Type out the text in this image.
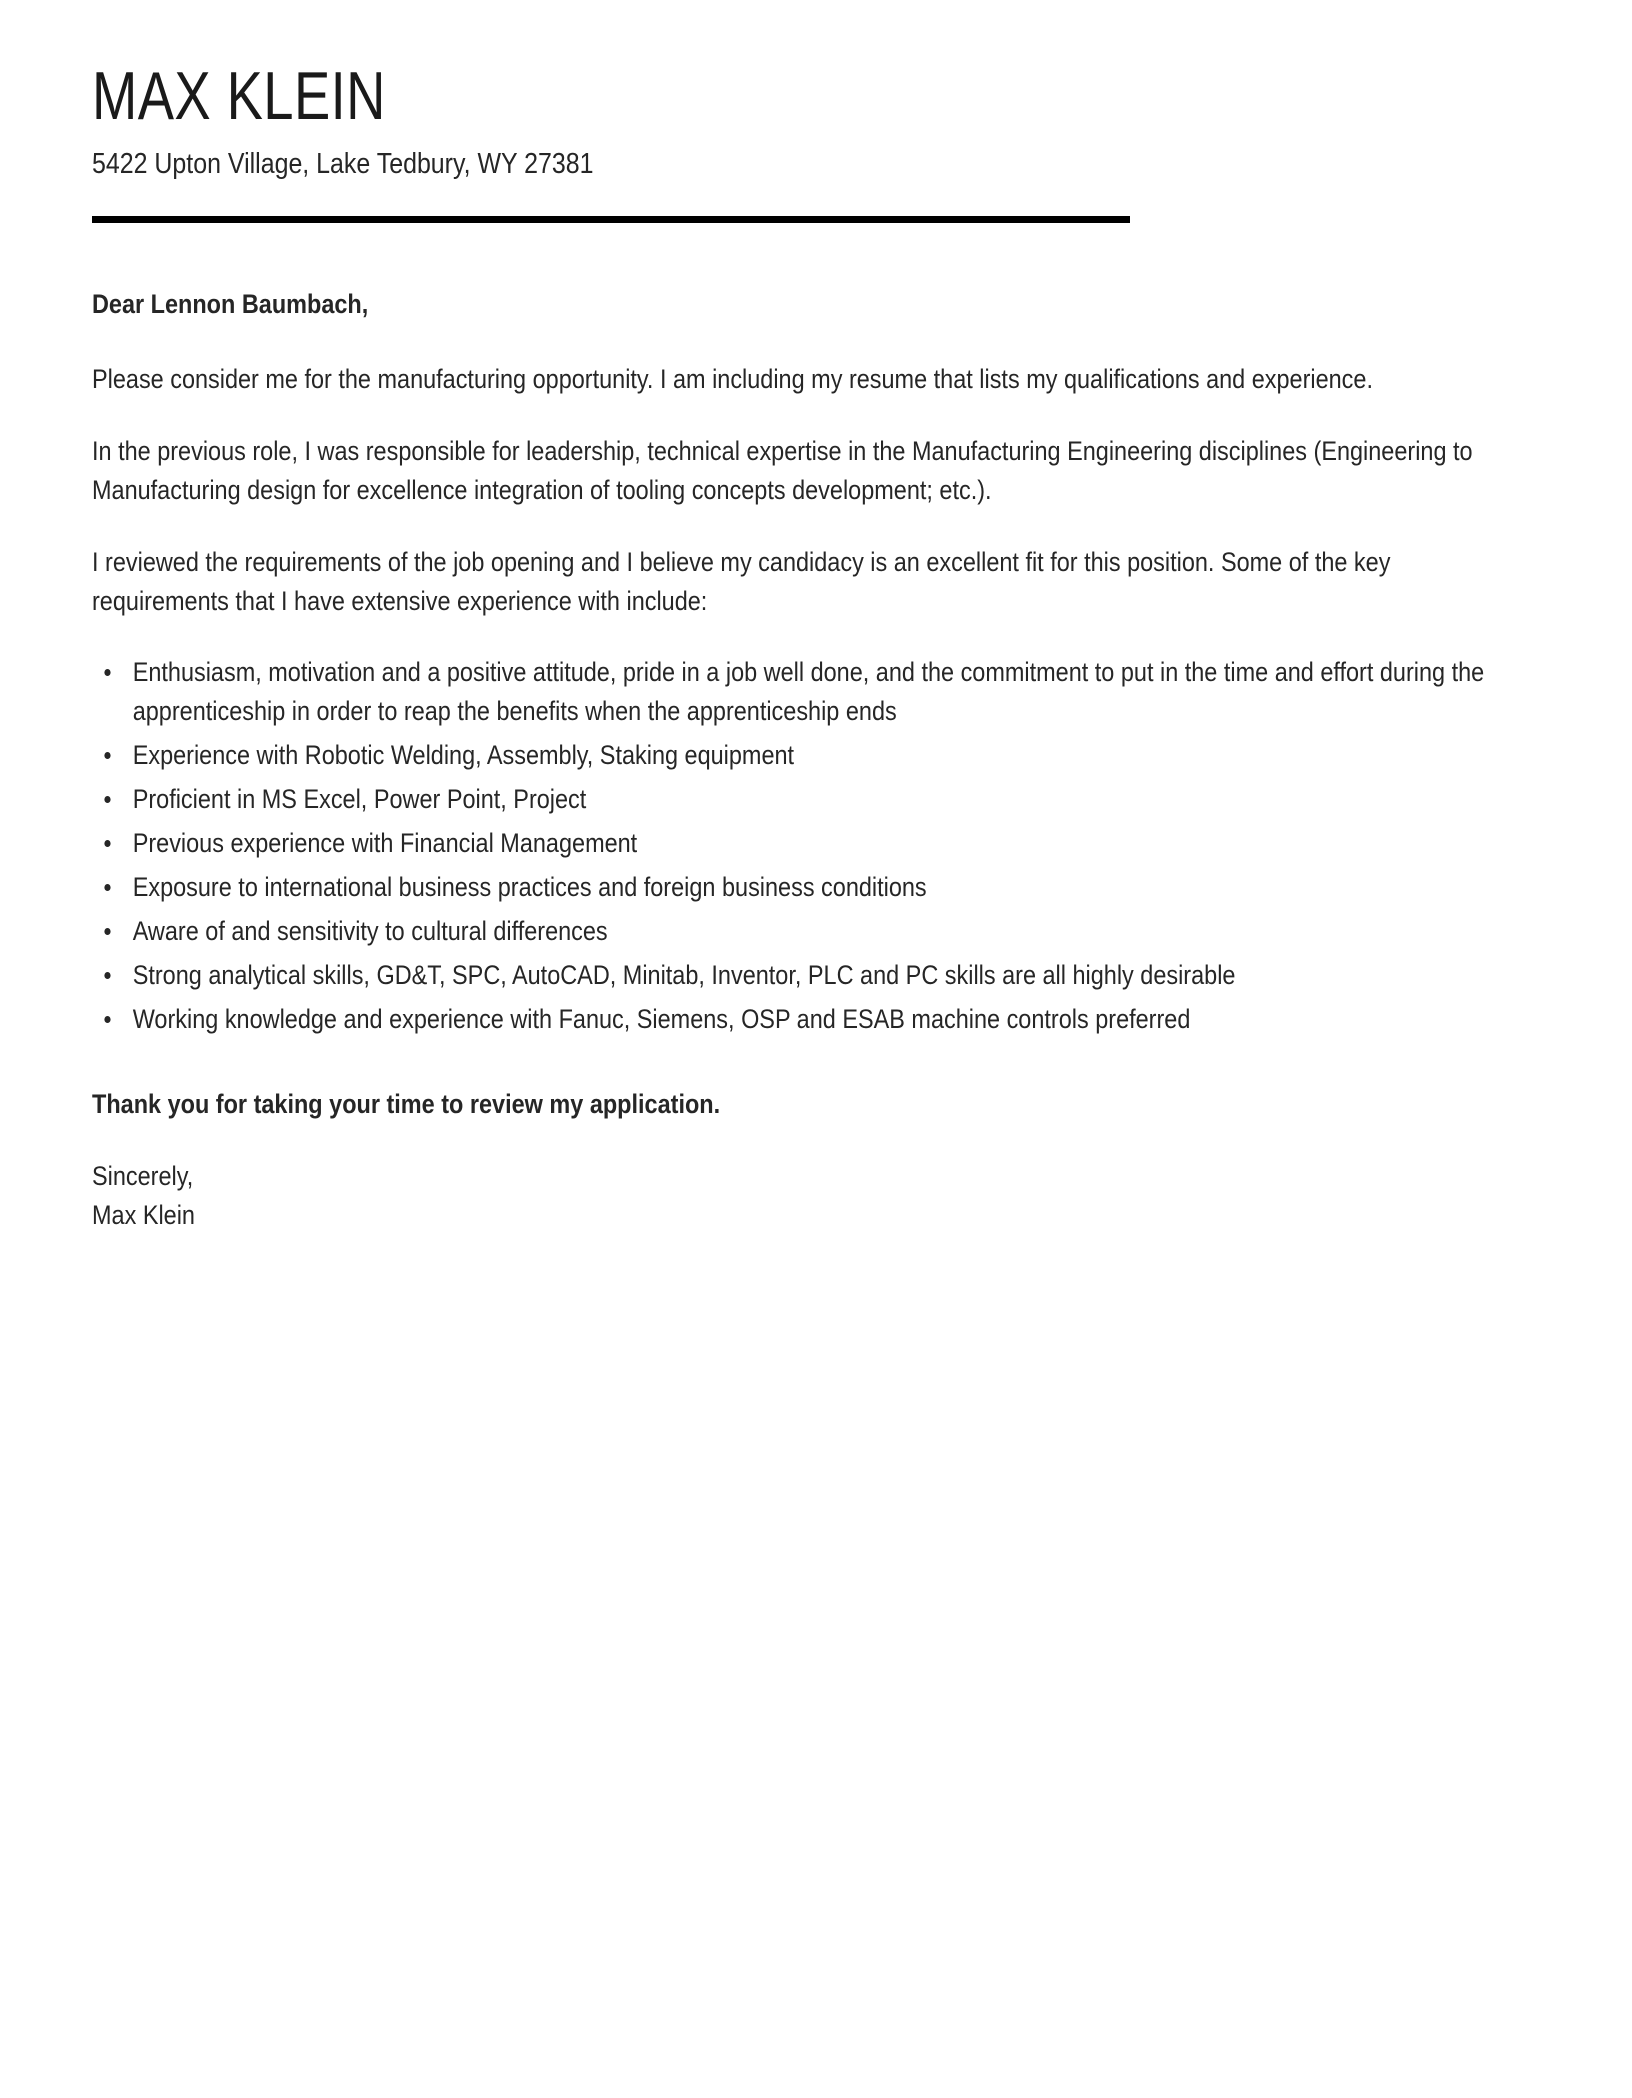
MAX KLEIN
5422 Upton Village, Lake Tedbury, WY 27381

Dear Lennon Baumbach,

Please consider me for the manufacturing opportunity. I am including my resume that lists my qualifications and experience.

In the previous role, I was responsible for leadership, technical expertise in the Manufacturing Engineering disciplines (Engineering to Manufacturing design for excellence integration of tooling concepts development; etc.).

I reviewed the requirements of the job opening and I believe my candidacy is an excellent fit for this position. Some of the key requirements that I have extensive experience with include:

Enthusiasm, motivation and a positive attitude, pride in a job well done, and the commitment to put in the time and effort during the apprenticeship in order to reap the benefits when the apprenticeship ends
Experience with Robotic Welding, Assembly, Staking equipment
Proficient in MS Excel, Power Point, Project
Previous experience with Financial Management
Exposure to international business practices and foreign business conditions
Aware of and sensitivity to cultural differences
Strong analytical skills, GD&T, SPC, AutoCAD, Minitab, Inventor, PLC and PC skills are all highly desirable
Working knowledge and experience with Fanuc, Siemens, OSP and ESAB machine controls preferred

Thank you for taking your time to review my application.

Sincerely,
Max Klein
